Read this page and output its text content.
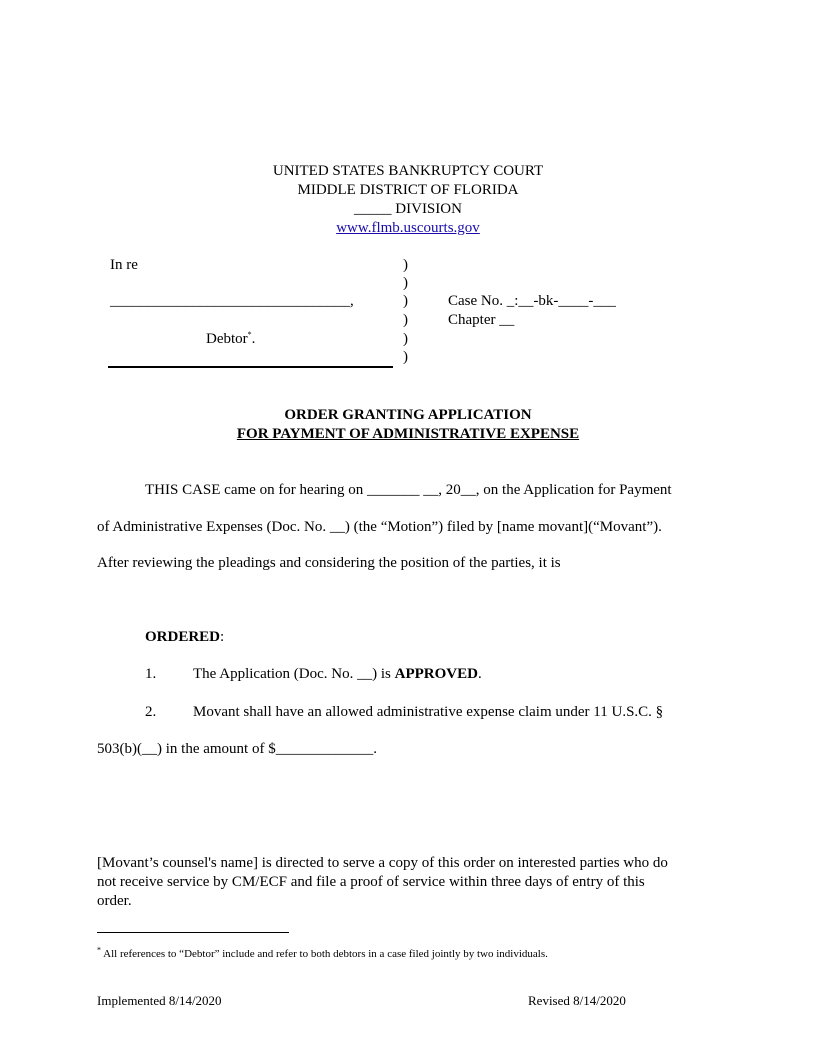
UNITED STATES BANKRUPTCY COURT
MIDDLE DISTRICT OF FLORIDA
_____ DIVISION
www.flmb.uscourts.gov
In re
________________________________,
Debtor*.
)
)
)
)
)
)
Case No. _:__-bk-____-___
Chapter __
ORDER GRANTING APPLICATION
FOR PAYMENT OF ADMINISTRATIVE EXPENSE
THIS CASE came on for hearing on _______ __, 20__, on the Application for Payment
of Administrative Expenses (Doc. No. __) (the “Motion”) filed by [name movant](“Movant”).
After reviewing the pleadings and considering the position of the parties, it is
ORDERED:
1. The Application (Doc. No. __) is APPROVED.
2. Movant shall have an allowed administrative expense claim under 11 U.S.C. §
503(b)(__) in the amount of $_____________.
[Movant’s counsel's name] is directed to serve a copy of this order on interested parties who do
not receive service by CM/ECF and file a proof of service within three days of entry of this
order.
* All references to “Debtor” include and refer to both debtors in a case filed jointly by two individuals.
Implemented 8/14/2020	Revised 8/14/2020
